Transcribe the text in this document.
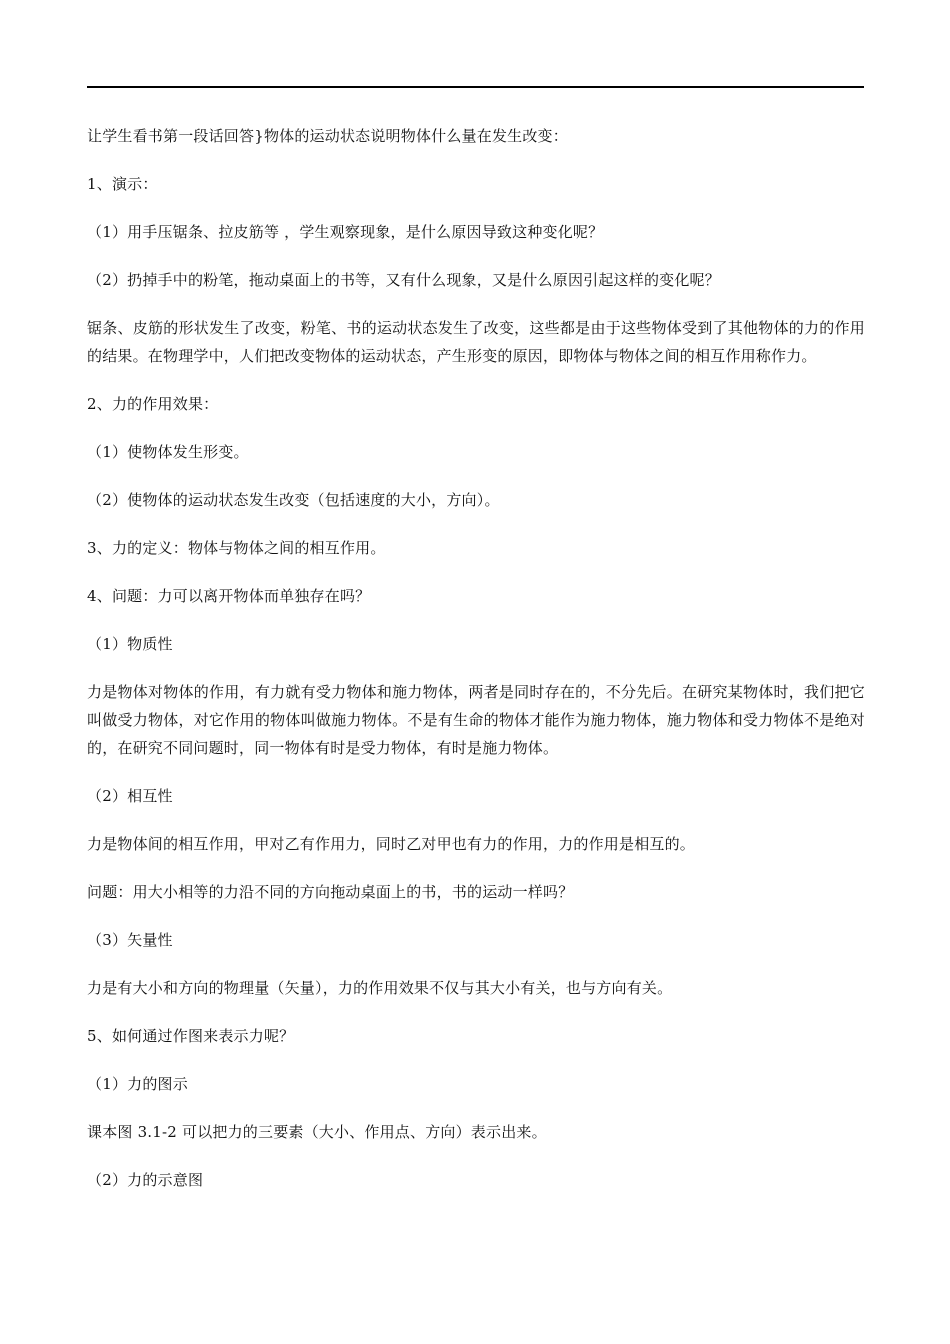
让学生看书第一段话回答}物体的运动状态说明物体什么量在发生改变：

1、演示：

（1）用手压锯条、拉皮筋等 ，学生观察现象，是什么原因导致这种变化呢？

（2）扔掉手中的粉笔，拖动桌面上的书等，又有什么现象，又是什么原因引起这样的变化呢？

锯条、皮筋的形状发生了改变，粉笔、书的运动状态发生了改变，这些都是由于这些物体受到了其他物体的力的作用的结果。在物理学中，人们把改变物体的运动状态，产生形变的原因，即物体与物体之间的相互作用称作力。

2、力的作用效果：

（1）使物体发生形变。

（2）使物体的运动状态发生改变（包括速度的大小，方向）。

3、力的定义：物体与物体之间的相互作用。

4、问题：力可以离开物体而单独存在吗？

（1）物质性

力是物体对物体的作用，有力就有受力物体和施力物体，两者是同时存在的，不分先后。在研究某物体时，我们把它叫做受力物体，对它作用的物体叫做施力物体。不是有生命的物体才能作为施力物体，施力物体和受力物体不是绝对的，在研究不同问题时，同一物体有时是受力物体，有时是施力物体。

（2）相互性

力是物体间的相互作用，甲对乙有作用力，同时乙对甲也有力的作用，力的作用是相互的。

问题：用大小相等的力沿不同的方向拖动桌面上的书，书的运动一样吗？

（3）矢量性

力是有大小和方向的物理量（矢量），力的作用效果不仅与其大小有关，也与方向有关。

5、如何通过作图来表示力呢？

（1）力的图示

课本图 3.1-2 可以把力的三要素（大小、作用点、方向）表示出来。

（2）力的示意图
